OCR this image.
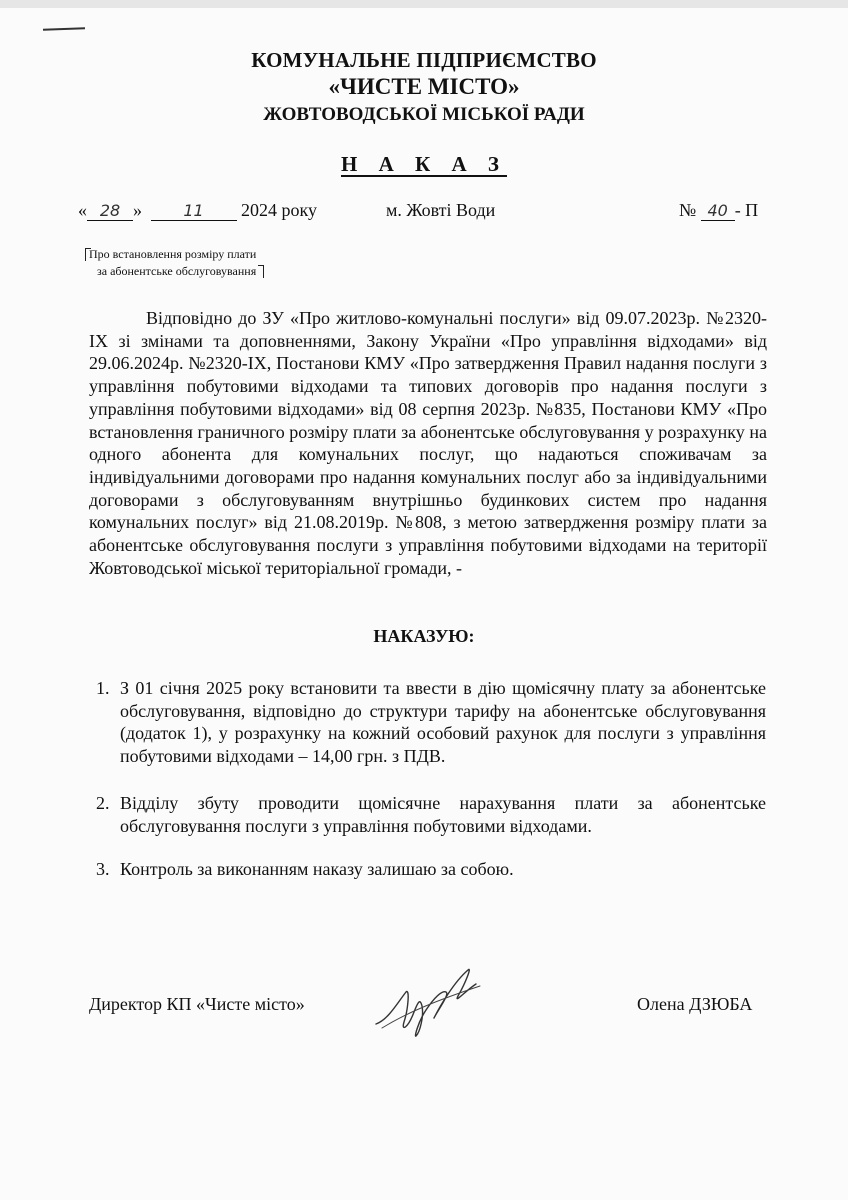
КОМУНАЛЬНЕ ПІДПРИЄМСТВО
«ЧИСТЕ МІСТО»
ЖОВТОВОДСЬКОЇ МІСЬКОЇ РАДИ
Н А К А З
« 28 »	11 2024 року	м. Жовті Води	№ 40 - П
Про встановлення розміру плати
за абонентське обслуговування
Відповідно до ЗУ «Про житлово-комунальні послуги» від 09.07.2023р. №2320-IX зі змінами та доповненнями, Закону України «Про управління відходами» від 29.06.2024р. №2320-IX, Постанови КМУ «Про затвердження Правил надання послуги з управління побутовими відходами та типових договорів про надання послуги з управління побутовими відходами» від 08 серпня 2023р. №835, Постанови КМУ «Про встановлення граничного розміру плати за абонентське обслуговування у розрахунку на одного абонента для комунальних послуг, що надаються споживачам за індивідуальними договорами про надання комунальних послуг або за індивідуальними договорами з обслуговуванням внутрішньо будинкових систем про надання комунальних послуг» від 21.08.2019р. №808, з метою затвердження розміру плати за абонентське обслуговування послуги з управління побутовими відходами на території Жовтоводської міської територіальної громади, -
НАКАЗУЮ:
1. З 01 січня 2025 року встановити та ввести в дію щомісячну плату за абонентське обслуговування, відповідно до структури тарифу на абонентське обслуговування (додаток 1), у розрахунку на кожний особовий рахунок для послуги з управління побутовими відходами – 14,00 грн. з ПДВ.
2. Відділу збуту проводити щомісячне нарахування плати за абонентське обслуговування послуги з управління побутовими відходами.
3. Контроль за виконанням наказу залишаю за собою.
Директор КП «Чисте місто»	Олена ДЗЮБА
